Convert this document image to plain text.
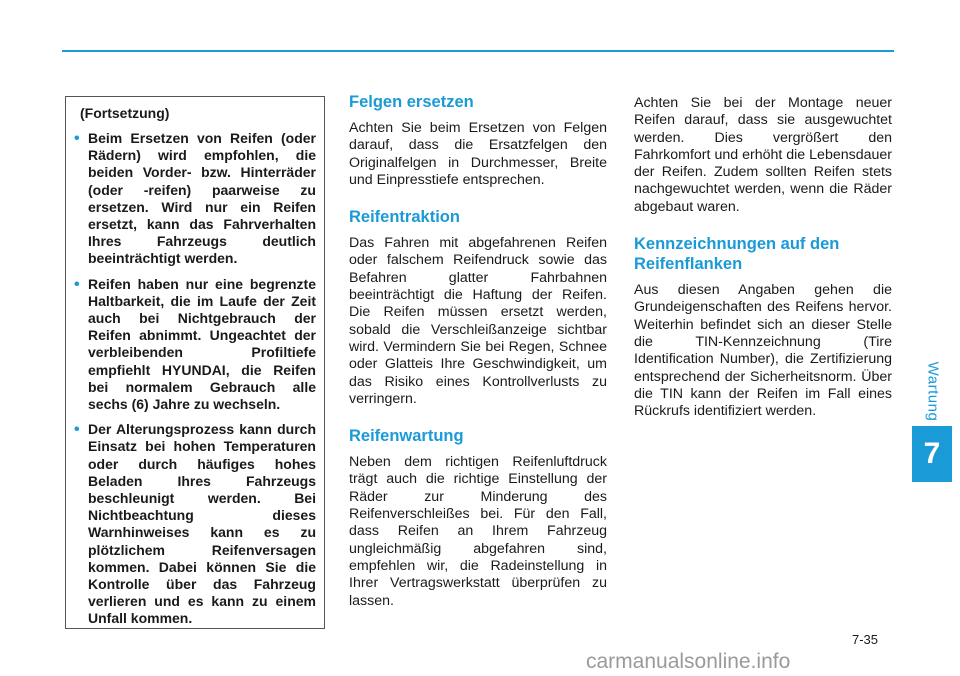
Wartung
7
(Fortsetzung)
• Beim Ersetzen von Reifen (oder Rädern) wird empfohlen, die beiden Vorder- bzw. Hinterräder (oder -reifen) paarweise zu ersetzen. Wird nur ein Reifen ersetzt, kann das Fahrverhalten Ihres Fahrzeugs deutlich beeinträchtigt werden.
• Reifen haben nur eine begrenzte Haltbarkeit, die im Laufe der Zeit auch bei Nichtgebrauch der Reifen abnimmt. Ungeachtet der verbleibenden Profiltiefe empfiehlt HYUNDAI, die Reifen bei normalem Gebrauch alle sechs (6) Jahre zu wechseln.
• Der Alterungsprozess kann durch Einsatz bei hohen Temperaturen oder durch häufiges hohes Beladen Ihres Fahrzeugs beschleunigt werden. Bei Nichtbeachtung dieses Warnhinweises kann es zu plötzlichem Reifenversagen kommen. Dabei können Sie die Kontrolle über das Fahrzeug verlieren und es kann zu einem Unfall kommen.
Felgen ersetzen

Achten Sie beim Ersetzen von Felgen darauf, dass die Ersatzfelgen den Originalfelgen in Durchmesser, Breite und Einpresstiefe entsprechen.

Reifentraktion

Das Fahren mit abgefahrenen Reifen oder falschem Reifendruck sowie das Befahren glatter Fahrbahnen beeinträchtigt die Haftung der Reifen. Die Reifen müssen ersetzt werden, sobald die Verschleißanzeige sichtbar wird. Vermindern Sie bei Regen, Schnee oder Glatteis Ihre Geschwindigkeit, um das Risiko eines Kontrollverlusts zu verringern.

Reifenwartung

Neben dem richtigen Reifenluftdruck trägt auch die richtige Einstellung der Räder zur Minderung des Reifenverschleißes bei. Für den Fall, dass Reifen an Ihrem Fahrzeug ungleichmäßig abgefahren sind, empfehlen wir, die Radeinstellung in Ihrer Vertragswerkstatt überprüfen zu lassen.

Achten Sie bei der Montage neuer Reifen darauf, dass sie ausgewuchtet werden. Dies vergrößert den Fahrkomfort und erhöht die Lebensdauer der Reifen. Zudem sollten Reifen stets nachgewuchtet werden, wenn die Räder abgebaut waren.

Kennzeichnungen auf den Reifenflanken

Aus diesen Angaben gehen die Grundeigenschaften des Reifens hervor. Weiterhin befindet sich an dieser Stelle die TIN-Kennzeichnung (Tire Identification Number), die Zertifizierung entsprechend der Sicherheitsnorm. Über die TIN kann der Reifen im Fall eines Rückrufs identifiziert werden.

7-35
carmanualsonline.info
